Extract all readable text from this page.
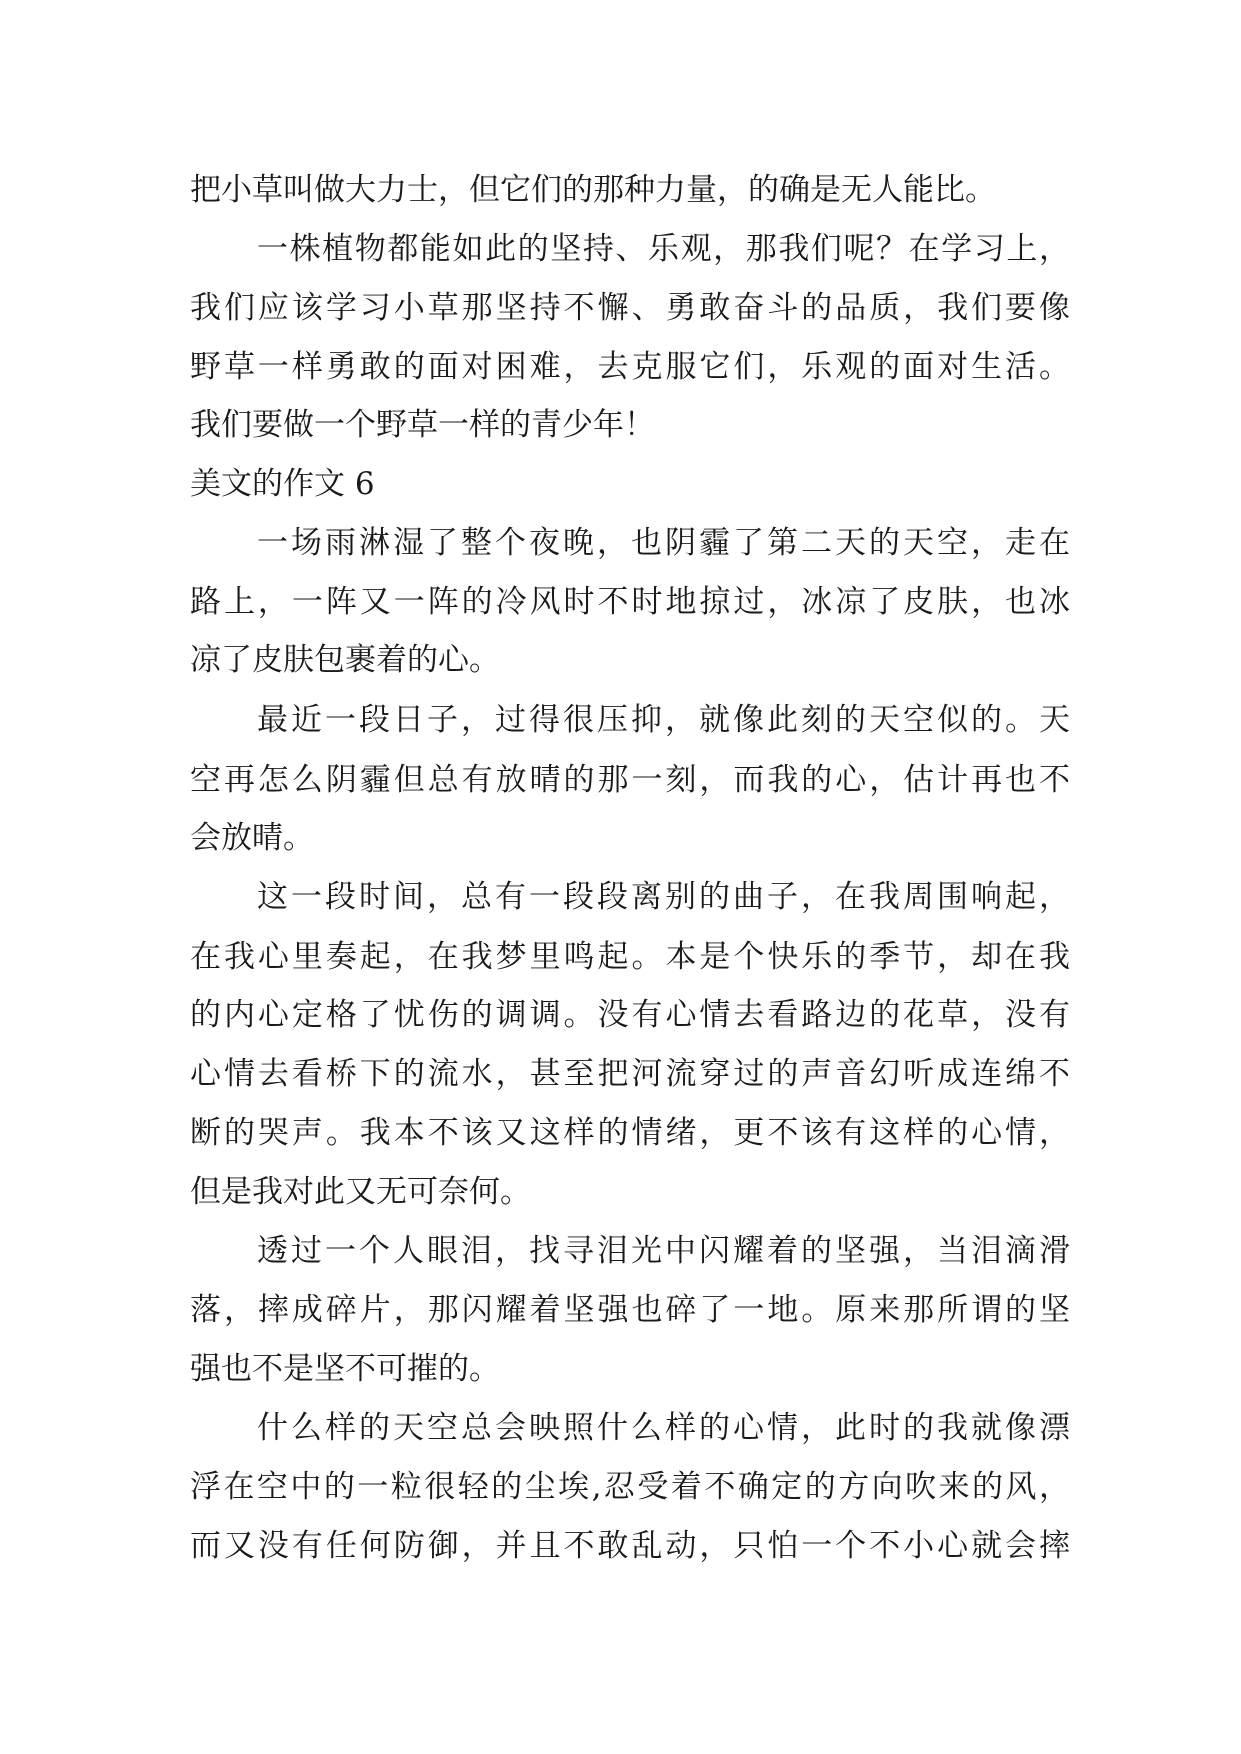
把小草叫做大力士，但它们的那种力量，的确是无人能比。
一株植物都能如此的坚持、乐观，那我们呢？在学习上，
我们应该学习小草那坚持不懈、勇敢奋斗的品质，我们要像
野草一样勇敢的面对困难，去克服它们，乐观的面对生活。
我们要做一个野草一样的青少年！
美文的作文 6
一场雨淋湿了整个夜晚，也阴霾了第二天的天空，走在
路上，一阵又一阵的冷风时不时地掠过，冰凉了皮肤，也冰
凉了皮肤包裹着的心。
最近一段日子，过得很压抑，就像此刻的天空似的。天
空再怎么阴霾但总有放晴的那一刻，而我的心，估计再也不
会放晴。
这一段时间，总有一段段离别的曲子，在我周围响起，
在我心里奏起，在我梦里鸣起。本是个快乐的季节，却在我
的内心定格了忧伤的调调。没有心情去看路边的花草，没有
心情去看桥下的流水，甚至把河流穿过的声音幻听成连绵不
断的哭声。我本不该又这样的情绪，更不该有这样的心情，
但是我对此又无可奈何。
透过一个人眼泪，找寻泪光中闪耀着的坚强，当泪滴滑
落，摔成碎片，那闪耀着坚强也碎了一地。原来那所谓的坚
强也不是坚不可摧的。
什么样的天空总会映照什么样的心情，此时的我就像漂
浮在空中的一粒很轻的尘埃,忍受着不确定的方向吹来的风，
而又没有任何防御，并且不敢乱动，只怕一个不小心就会摔
